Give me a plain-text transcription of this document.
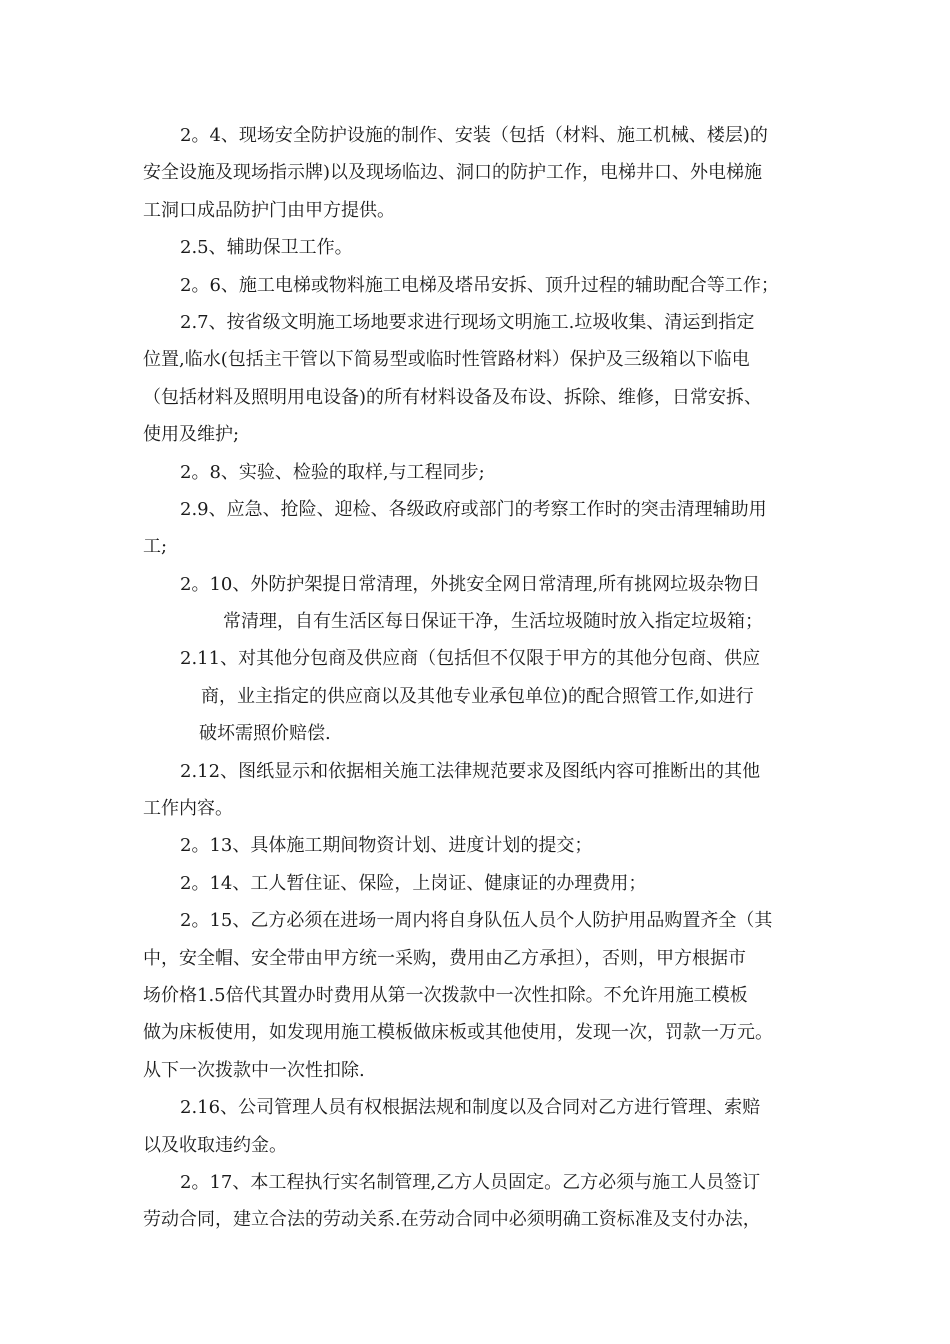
2。4、现场安全防护设施的制作、安装（包括（材料、施工机械、楼层)的

安全设施及现场指示牌)以及现场临边、洞口的防护工作，电梯井口、外电梯施

工洞口成品防护门由甲方提供。

2.5、辅助保卫工作。

2。6、施工电梯或物料施工电梯及塔吊安拆、顶升过程的辅助配合等工作；

2.7、按省级文明施工场地要求进行现场文明施工.垃圾收集、清运到指定

位置,临水(包括主干管以下简易型或临时性管路材料）保护及三级箱以下临电

（包括材料及照明用电设备)的所有材料设备及布设、拆除、维修，日常安拆、

使用及维护;

2。8、实验、检验的取样,与工程同步;

2.9、应急、抢险、迎检、各级政府或部门的考察工作时的突击清理辅助用

工;

2。10、外防护架提日常清理，外挑安全网日常清理,所有挑网垃圾杂物日

常清理，自有生活区每日保证干净，生活垃圾随时放入指定垃圾箱；

2.11、对其他分包商及供应商（包括但不仅限于甲方的其他分包商、供应

商，业主指定的供应商以及其他专业承包单位)的配合照管工作,如进行

破坏需照价赔偿.

2.12、图纸显示和依据相关施工法律规范要求及图纸内容可推断出的其他

工作内容。

2。13、具体施工期间物资计划、进度计划的提交；

2。14、工人暂住证、保险，上岗证、健康证的办理费用；

2。15、乙方必须在进场一周内将自身队伍人员个人防护用品购置齐全（其

中，安全帽、安全带由甲方统一采购，费用由乙方承担），否则，甲方根据市

场价格1.5倍代其置办时费用从第一次拨款中一次性扣除。不允许用施工模板

做为床板使用，如发现用施工模板做床板或其他使用，发现一次，罚款一万元。

从下一次拨款中一次性扣除.

2.16、公司管理人员有权根据法规和制度以及合同对乙方进行管理、索赔

以及收取违约金。

2。17、本工程执行实名制管理,乙方人员固定。乙方必须与施工人员签订

劳动合同，建立合法的劳动关系.在劳动合同中必须明确工资标准及支付办法，
